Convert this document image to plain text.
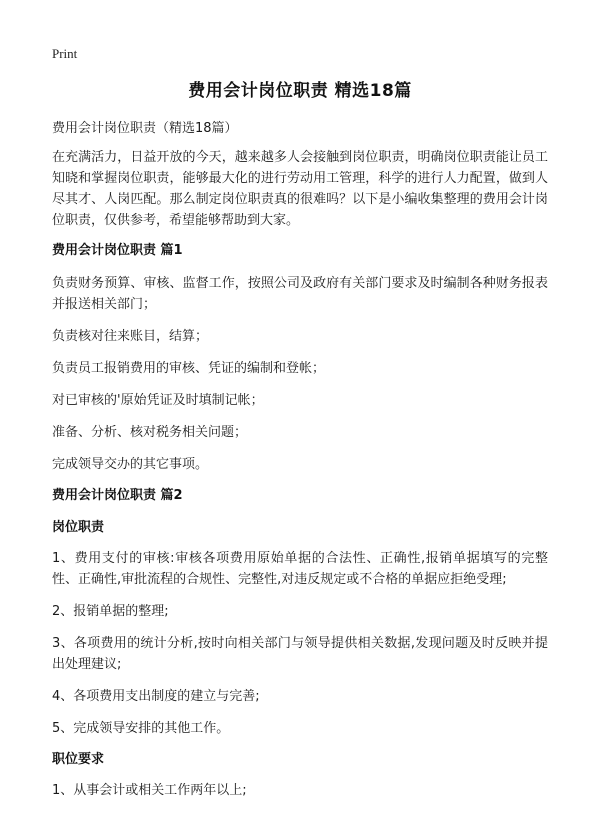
Print
费用会计岗位职责 精选18篇

费用会计岗位职责（精选18篇）

在充满活力，日益开放的今天，越来越多人会接触到岗位职责，明确岗位职责能让员工知晓和掌握岗位职责，能够最大化的进行劳动用工管理，科学的进行人力配置，做到人尽其才、人岗匹配。那么制定岗位职责真的很难吗？以下是小编收集整理的费用会计岗位职责，仅供参考，希望能够帮助到大家。

费用会计岗位职责 篇1

负责财务预算、审核、监督工作，按照公司及政府有关部门要求及时编制各种财务报表并报送相关部门；

负责核对往来账目，结算；

负责员工报销费用的审核、凭证的编制和登帐；

对已审核的'原始凭证及时填制记帐；

准备、分析、核对税务相关问题；

完成领导交办的其它事项。

费用会计岗位职责 篇2
岗位职责

1、费用支付的审核:审核各项费用原始单据的合法性、正确性,报销单据填写的完整性、正确性,审批流程的合规性、完整性,对违反规定或不合格的单据应拒绝受理;

2、报销单据的整理;

3、各项费用的统计分析,按时向相关部门与领导提供相关数据,发现问题及时反映并提出处理建议;

4、各项费用支出制度的建立与完善;

5、完成领导安排的其他工作。

职位要求

1、从事会计或相关工作两年以上;
